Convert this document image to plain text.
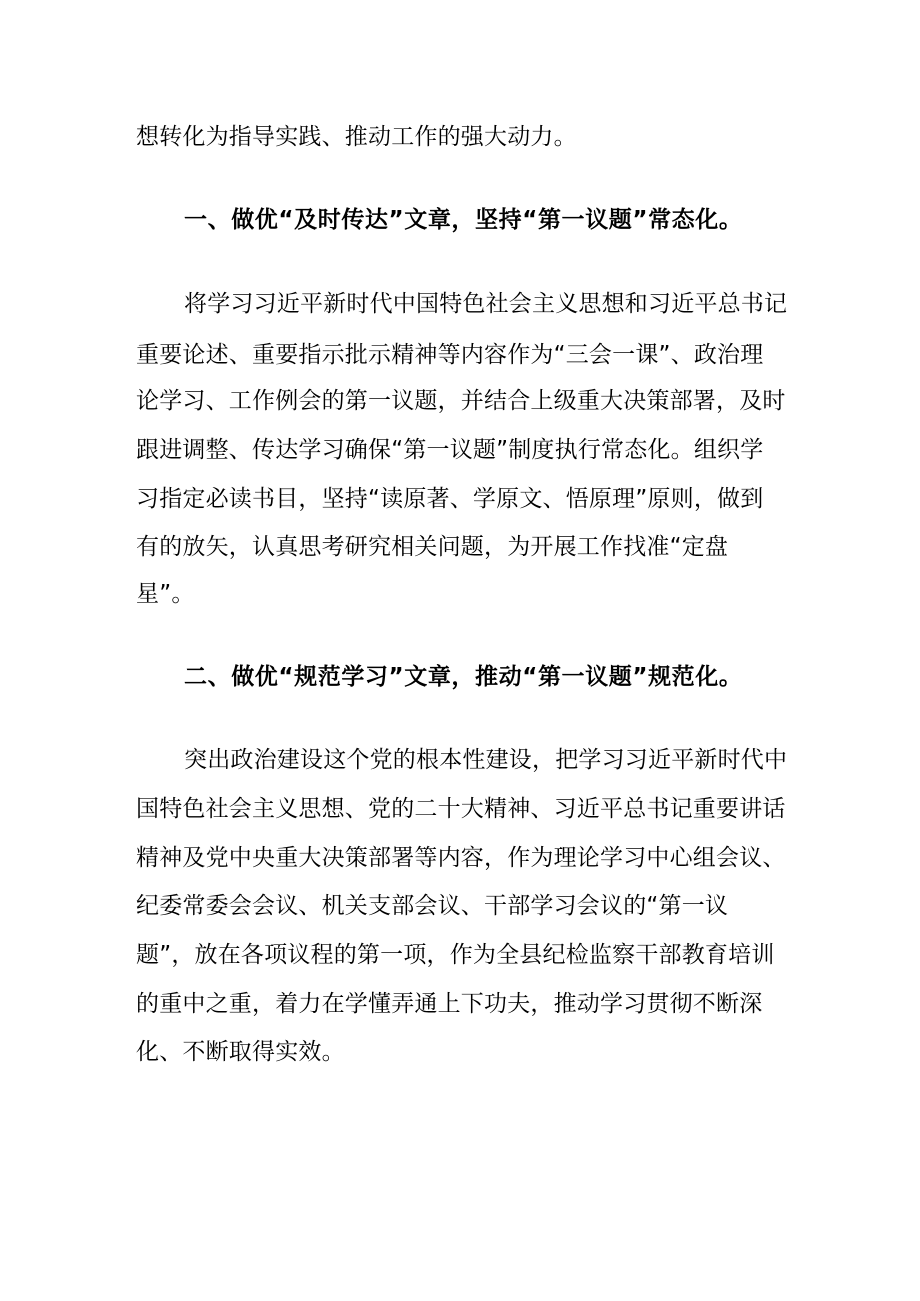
想转化为指导实践、推动工作的强大动力。
一、做优“及时传达”文章，坚持“第一议题”常态化。
将学习习近平新时代中国特色社会主义思想和习近平总书记
重要论述、重要指示批示精神等内容作为“三会一课”、政治理
论学习、工作例会的第一议题，并结合上级重大决策部署，及时
跟进调整、传达学习确保“第一议题”制度执行常态化。组织学
习指定必读书目，坚持“读原著、学原文、悟原理”原则，做到
有的放矢，认真思考研究相关问题，为开展工作找准“定盘
星”。
二、做优“规范学习”文章，推动“第一议题”规范化。
突出政治建设这个党的根本性建设，把学习习近平新时代中
国特色社会主义思想、党的二十大精神、习近平总书记重要讲话
精神及党中央重大决策部署等内容，作为理论学习中心组会议、
纪委常委会会议、机关支部会议、干部学习会议的“第一议
题”，放在各项议程的第一项，作为全县纪检监察干部教育培训
的重中之重，着力在学懂弄通上下功夫，推动学习贯彻不断深
化、不断取得实效。
